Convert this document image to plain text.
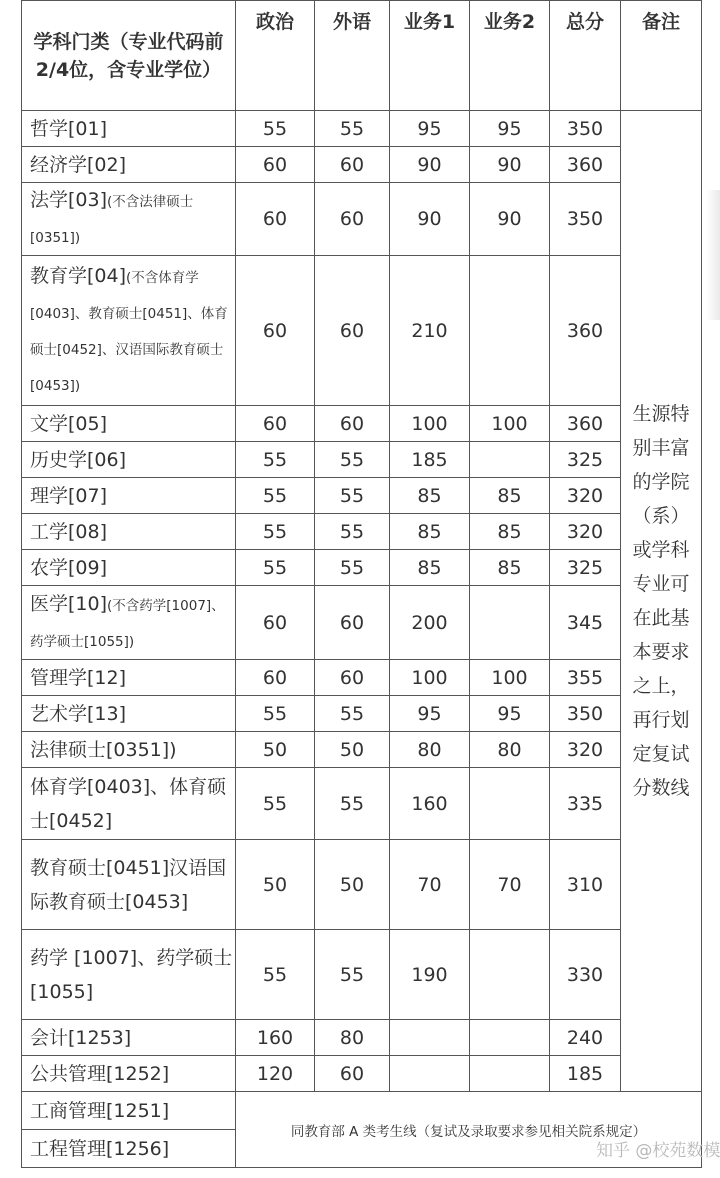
学科门类（专业代码前2/4位，含专业学位）	政治	外语	业务1	业务2	总分	备注
哲学[01]	55	55	95	95	350	生源特别丰富的学院（系）或学科专业可在此基本要求之上，再行划定复试分数线
经济学[02]	60	60	90	90	360	
法学[03](不含法律硕士[0351])	60	60	90	90	350	
教育学[04](不含体育学[0403]、教育硕士[0451]、体育硕士[0452]、汉语国际教育硕士[0453])	60	60	210		360	
文学[05]	60	60	100	100	360	
历史学[06]	55	55	185		325	
理学[07]	55	55	85	85	320	
工学[08]	55	55	85	85	320	
农学[09]	55	55	85	85	325	
医学[10](不含药学[1007]、药学硕士[1055])	60	60	200		345	
管理学[12]	60	60	100	100	355	
艺术学[13]	55	55	95	95	350	
法律硕士[0351])	50	50	80	80	320	
体育学[0403]、体育硕士[0452]	55	55	160		335	
教育硕士[0451]汉语国际教育硕士[0453]	50	50	70	70	310	
药学 [1007]、药学硕士[1055]	55	55	190		330	
会计[1253]	160	80			240	
公共管理[1252]	120	60			185	
工商管理[1251]	同教育部 A 类考生线（复试及录取要求参见相关院系规定）					
工程管理[1256]							知乎 @校苑数模
